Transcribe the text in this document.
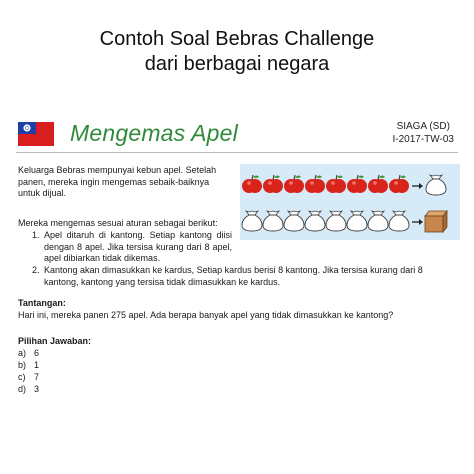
Contoh Soal Bebras Challenge
dari berbagai negara
Mengemas Apel	SIAGA (SD)
I-2017-TW-03
Keluarga Bebras mempunyai kebun apel. Setelah panen, mereka ingin mengemas sebaik-baiknya untuk dijual.
Mereka mengemas sesuai aturan sebagai berikut:
1. Apel ditaruh di kantong. Setiap kantong diisi dengan 8 apel. Jika tersisa kurang dari 8 apel, apel dibiarkan tidak dikemas.
2. Kantong akan dimasukkan ke kardus, Setiap kardus berisi 8 kantong. Jika tersisa kurang dari 8 kantong, kantong yang tersisa tidak dimasukkan ke kardus.
Tantangan:
Hari ini, mereka panen 275 apel. Ada berapa banyak apel yang tidak dimasukkan ke kantong?
Pilihan Jawaban:
a) 6
b) 1
c) 7
d) 3
